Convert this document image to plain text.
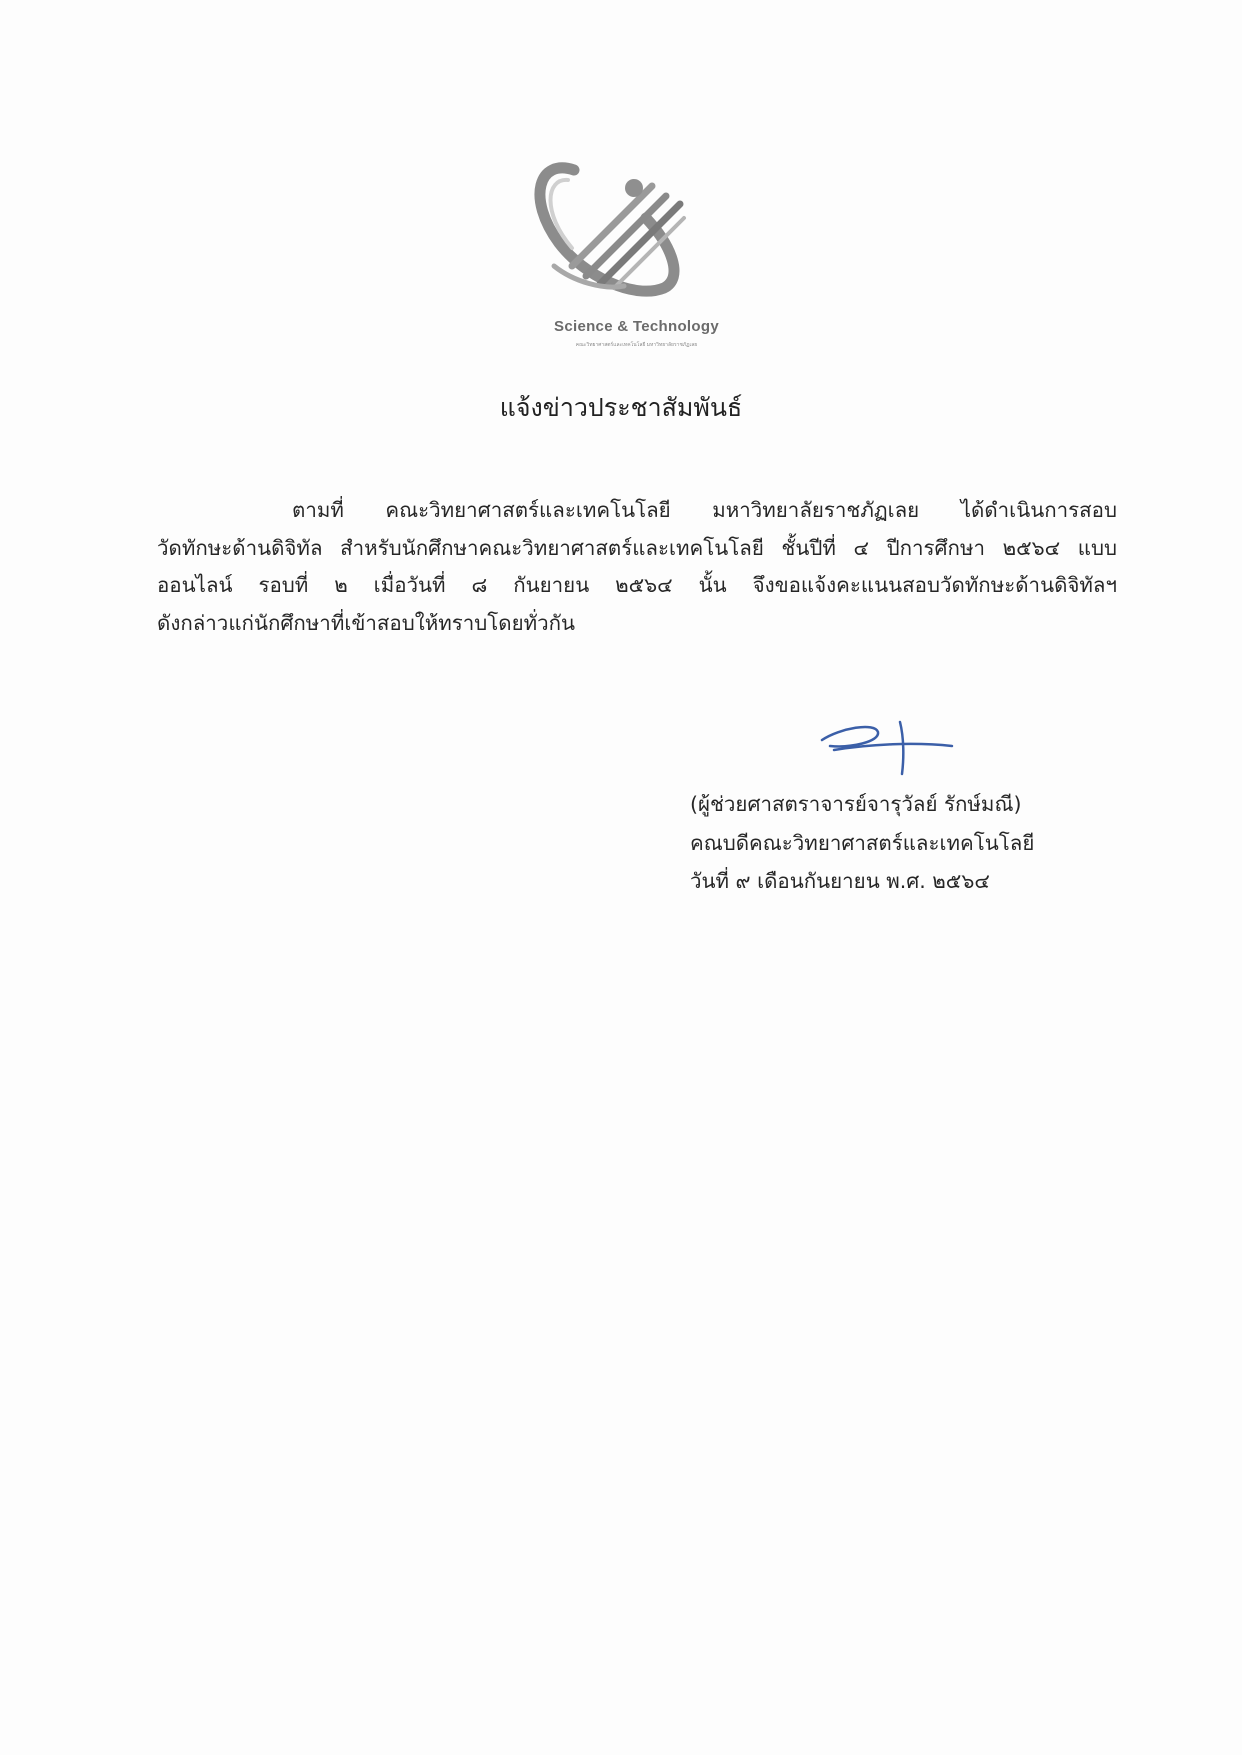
Science & Technology
คณะวิทยาศาสตร์และเทคโนโลยี มหาวิทยาลัยราชภัฏเลย
แจ้งข่าวประชาสัมพันธ์
ตามที่ คณะวิทยาศาสตร์และเทคโนโลยี มหาวิทยาลัยราชภัฏเลย ได้ดำเนินการสอบ
วัดทักษะด้านดิจิทัล สำหรับนักศึกษาคณะวิทยาศาสตร์และเทคโนโลยี ชั้นปีที่ ๔ ปีการศึกษา ๒๕๖๔ แบบ
ออนไลน์ รอบที่ ๒ เมื่อวันที่ ๘ กันยายน ๒๕๖๔ นั้น จึงขอแจ้งคะแนนสอบวัดทักษะด้านดิจิทัลฯ
ดังกล่าวแก่นักศึกษาที่เข้าสอบให้ทราบโดยทั่วกัน
(ผู้ช่วยศาสตราจารย์จารุวัลย์ รักษ์มณี)
คณบดีคณะวิทยาศาสตร์และเทคโนโลยี
วันที่ ๙ เดือนกันยายน พ.ศ. ๒๕๖๔
